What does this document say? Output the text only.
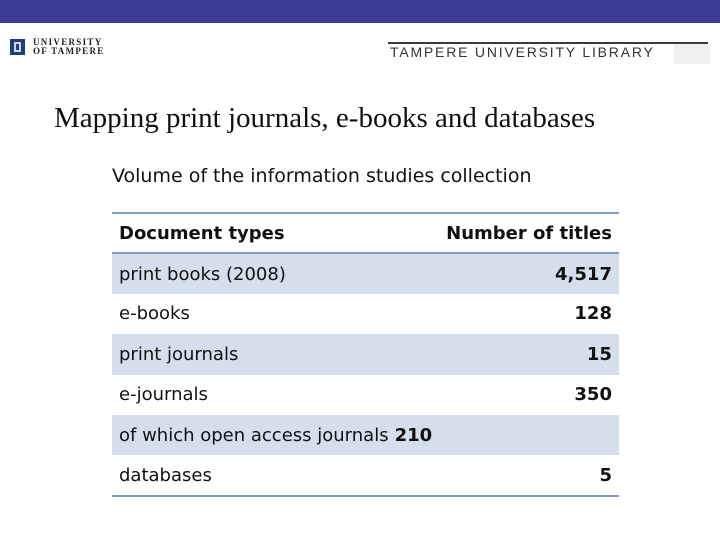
UNIVERSITY
OF TAMPERE	TAMPERE UNIVERSITY LIBRARY
Mapping print journals, e-books and databases
Volume of the information studies collection
Document types	Number of titles
print books (2008)	4,517
e-books	128
print journals	15
e-journals	350
of which open access journals 210	
databases	5
